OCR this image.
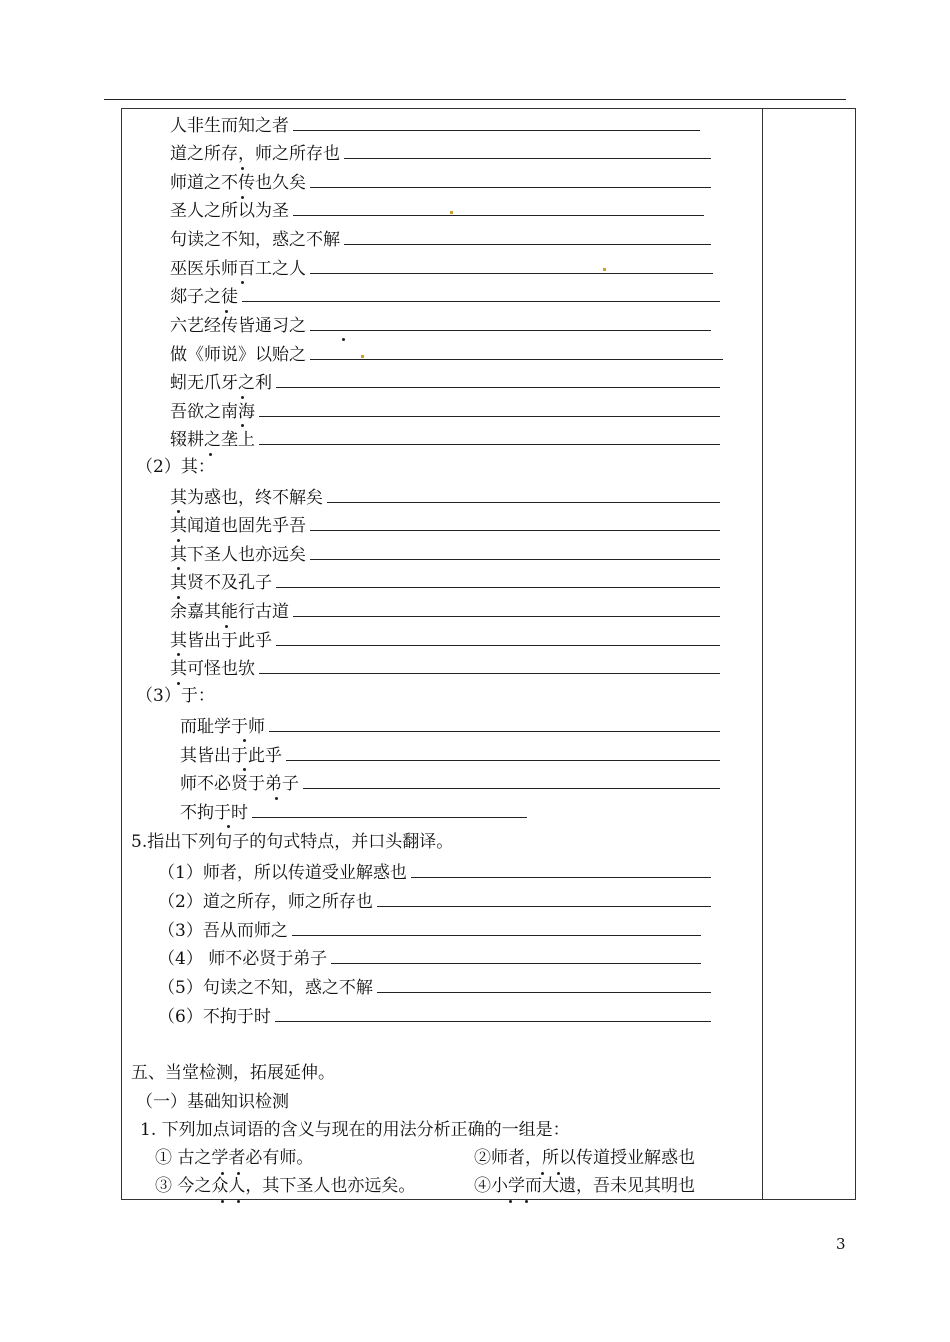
人非生而知之者
道之所存，师之所存也
师道之不传也久矣
圣人之所以为圣
句读之不知，惑之不解
巫医乐师百工之人
郯子之徒
六艺经传皆通习之
做《师说》以贻之
蚓无爪牙之利
吾欲之南海
辍耕之垄上
其为惑也，终不解矣
其闻道也固先乎吾
其下圣人也亦远矣
其贤不及孔子
余嘉其能行古道
其皆出于此乎
其可怪也欤
而耻学于师
其皆出于此乎
师不必贤于弟子
不拘于时
（1）师者，所以传道受业解惑也
（2）道之所存，师之所存也
（3）吾从而师之
（4） 师不必贤于弟子
（5）句读之不知，惑之不解
（6）不拘于时
（2）其：
（3）于：
5.指出下列句子的句式特点，并口头翻译。
五、当堂检测，拓展延伸。
（一）基础知识检测
1. 下列加点词语的含义与现在的用法分析正确的一组是：
① 古之学者必有师。	②师者，所以传道授业解惑也
③ 今之众人，其下圣人也亦远矣。	④小学而大遗，吾未见其明也
3
